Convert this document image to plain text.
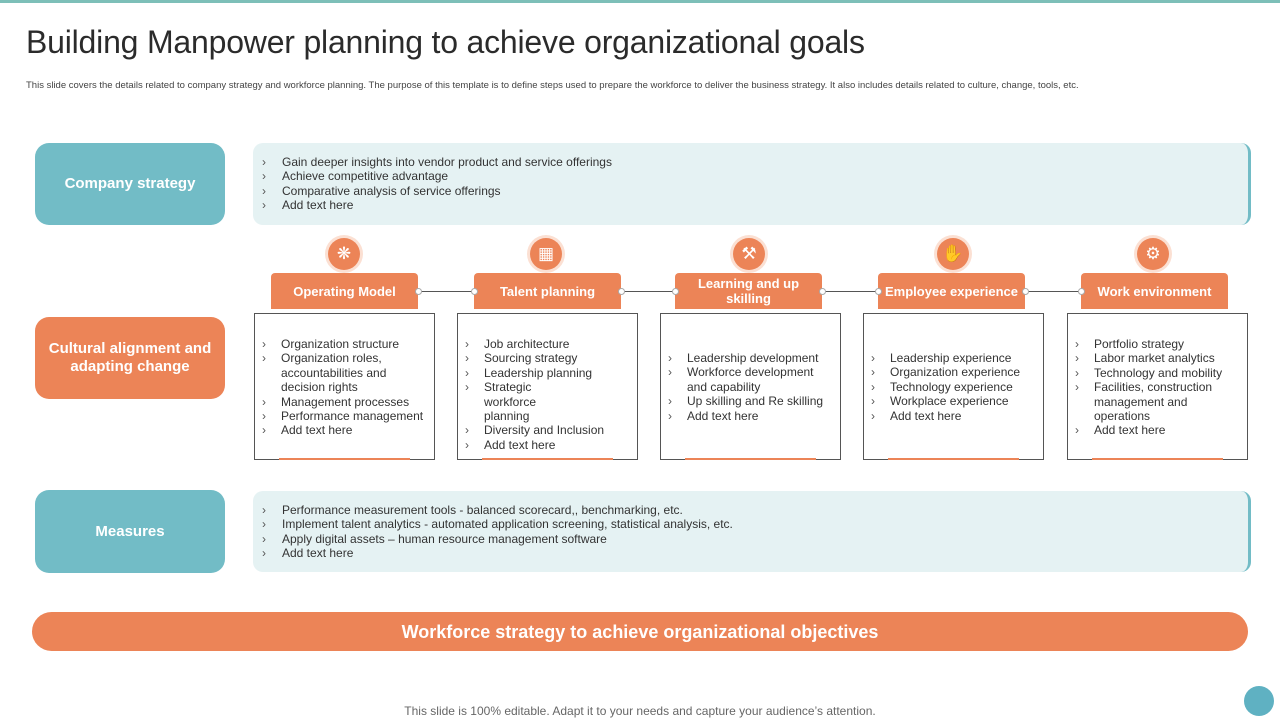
Building Manpower planning to achieve organizational goals
This slide covers the details related to company strategy and workforce planning. The purpose of this template is to define steps used to prepare the workforce to deliver the business strategy. It also includes details related to culture, change, tools, etc.
Company strategy
› Gain deeper insights into vendor product and service offerings
› Achieve competitive advantage
› Comparative analysis of service offerings
› Add text here
Cultural alignment and adapting change
❋
Operating Model
› Organization structure
› Organization roles, accountabilities and decision rights
› Management processes
› Performance management
› Add text here
▦
Talent planning
› Job architecture
› Sourcing strategy
› Leadership planning
› Strategic workforce planning
› Diversity and Inclusion
› Add text here
⚒
Learning and up skilling
› Leadership development
› Workforce development and capability
› Up skilling and Re skilling
› Add text here
✋
Employee experience
› Leadership experience
› Organization experience
› Technology experience
› Workplace experience
› Add text here
⚙
Work environment
› Portfolio strategy
› Labor market analytics
› Technology and mobility
› Facilities, construction management and operations
› Add text here
Measures
› Performance measurement tools - balanced scorecard,, benchmarking, etc.
› Implement talent analytics - automated application screening, statistical analysis, etc.
› Apply digital assets – human resource management software
› Add text here
Workforce strategy to achieve organizational objectives
This slide is 100% editable. Adapt it to your needs and capture your audience’s attention.
